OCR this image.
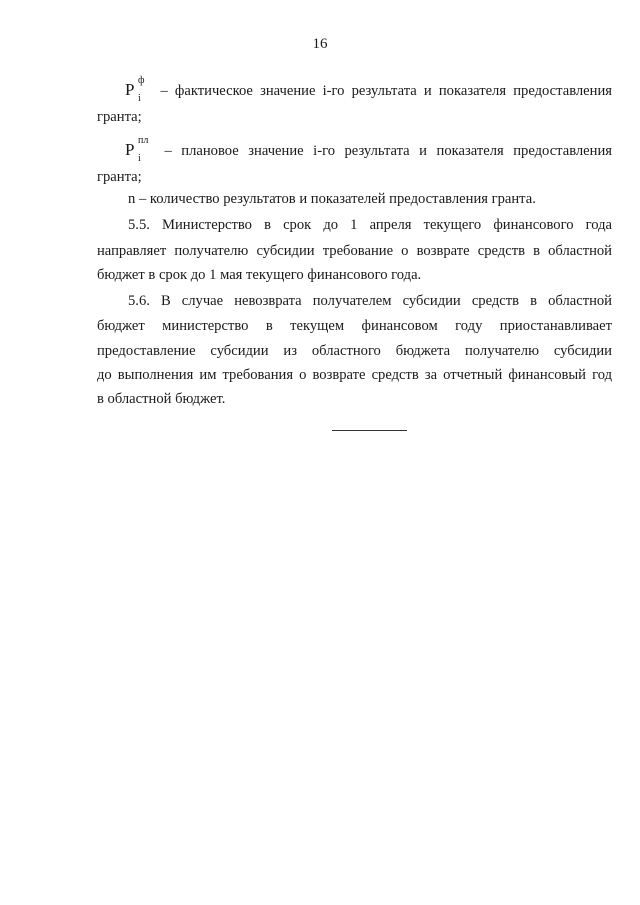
16
P ф
i – фактическое значение i-го результата и показателя предоставления
гранта;
P пл
i – плановое значение i-го результата и показателя предоставления
гранта;
n – количество результатов и показателей предоставления гранта.
5.5. Министерство в срок до 1 апреля текущего финансового года
направляет получателю субсидии требование о возврате средств в областной
бюджет в срок до 1 мая текущего финансового года.
5.6. В случае невозврата получателем субсидии средств в областной
бюджет министерство в текущем финансовом году приостанавливает
предоставление субсидии из областного бюджета получателю субсидии
до выполнения им требования о возврате средств за отчетный финансовый год
в областной бюджет.
